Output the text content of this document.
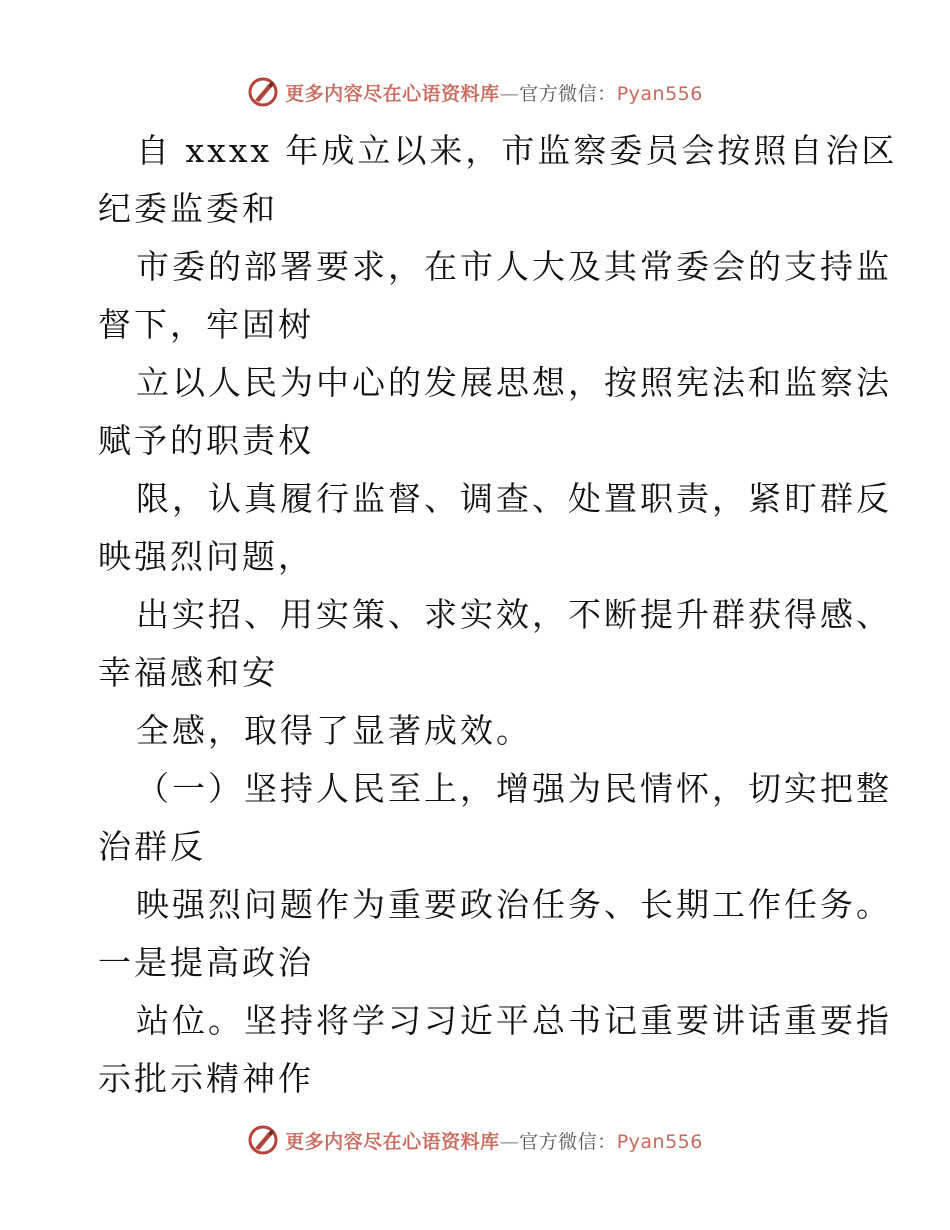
更多内容尽在心语资料库—官方微信：Pyan556
自 xxxx 年成立以来，市监察委员会按照自治区
纪委监委和
市委的部署要求，在市人大及其常委会的支持监
督下，牢固树
立以人民为中心的发展思想，按照宪法和监察法
赋予的职责权
限，认真履行监督、调查、处置职责，紧盯群反
映强烈问题，
出实招、用实策、求实效，不断提升群获得感、
幸福感和安
全感，取得了显著成效。
（一）坚持人民至上，增强为民情怀，切实把整
治群反
映强烈问题作为重要政治任务、长期工作任务。
一是提高政治
站位。坚持将学习习近平总书记重要讲话重要指
示批示精神作
更多内容尽在心语资料库—官方微信：Pyan556
